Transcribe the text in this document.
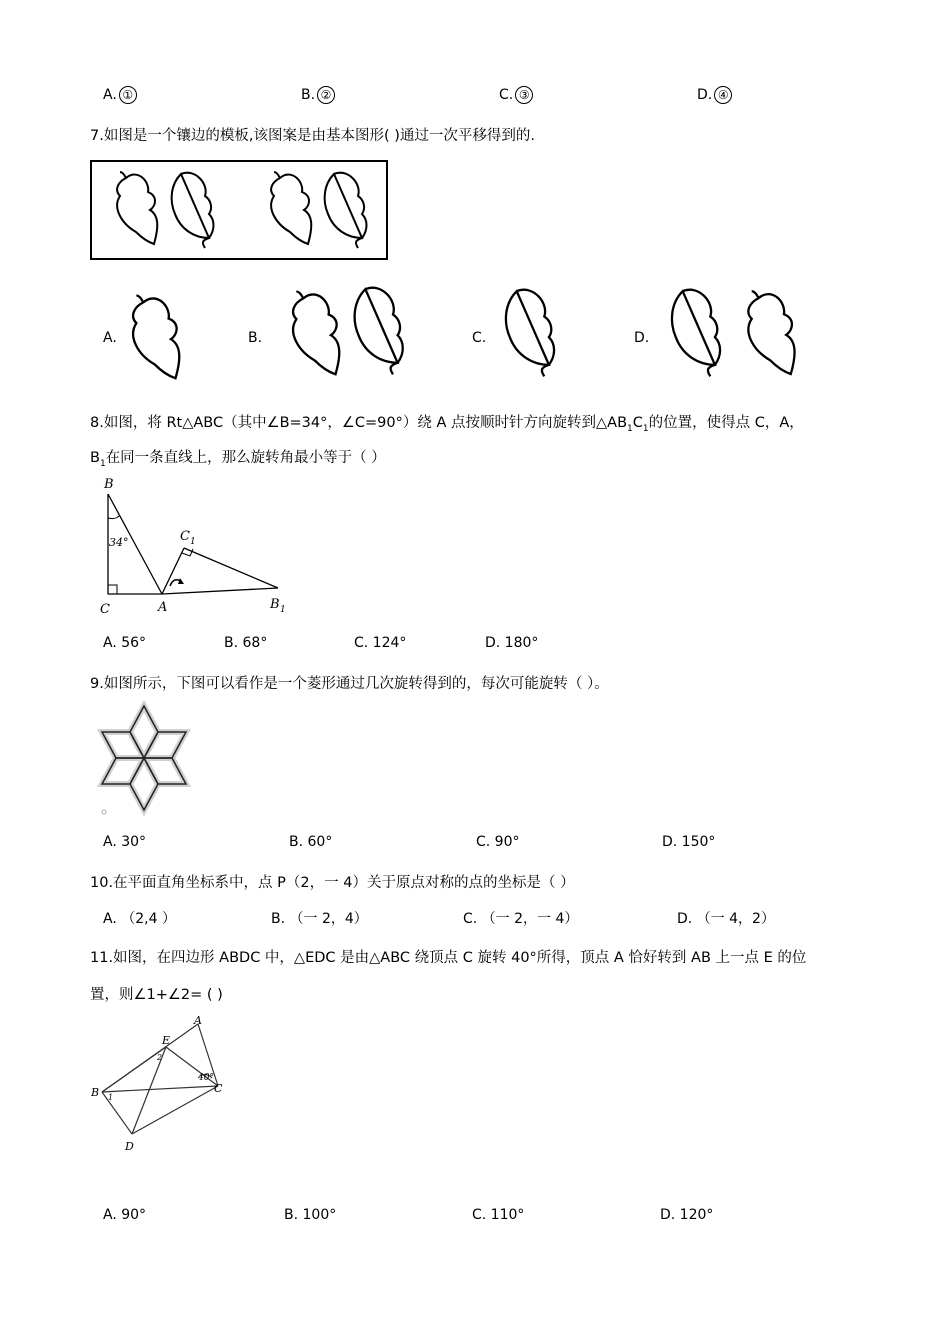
A. ①	B. ②	C. ③	D. ④
7.如图是一个镶边的模板,该图案是由基本图形( )通过一次平移得到的.
A.	B.	C.	D.
8.如图，将 Rt△ABC（其中∠B=34°，∠C=90°）绕 A 点按顺时针方向旋转到$\triangle AB_1C_1$的位置，使得点 C，A，
$B_1$在同一条直线上，那么旋转角最小等于（ ）
B
34°
C	A
C 1
B 1
A. 56°	B. 68°	C. 124°	D. 180°
9.如图所示，下图可以看作是一个菱形通过几次旋转得到的，每次可能旋转（ ）。
A. 30°	B. 60°	C. 90°	D. 150°
10.在平面直角坐标系中，点 P（2，一 4）关于原点对称的点的坐标是（ ）
A. （2,4 ）	B. （一 2，4）	C. （一 2，一 4）	D. （一 4，2）
11.如图，在四边形 ABDC 中，△EDC 是由△ABC 绕顶点 C 旋转 40°所得，顶点 A 恰好转到 AB 上一点 E 的位
置，则∠1+∠2= ( )
A
E
B	C
D
1
2
40°
A. 90°	B. 100°	C. 110°	D. 120°
